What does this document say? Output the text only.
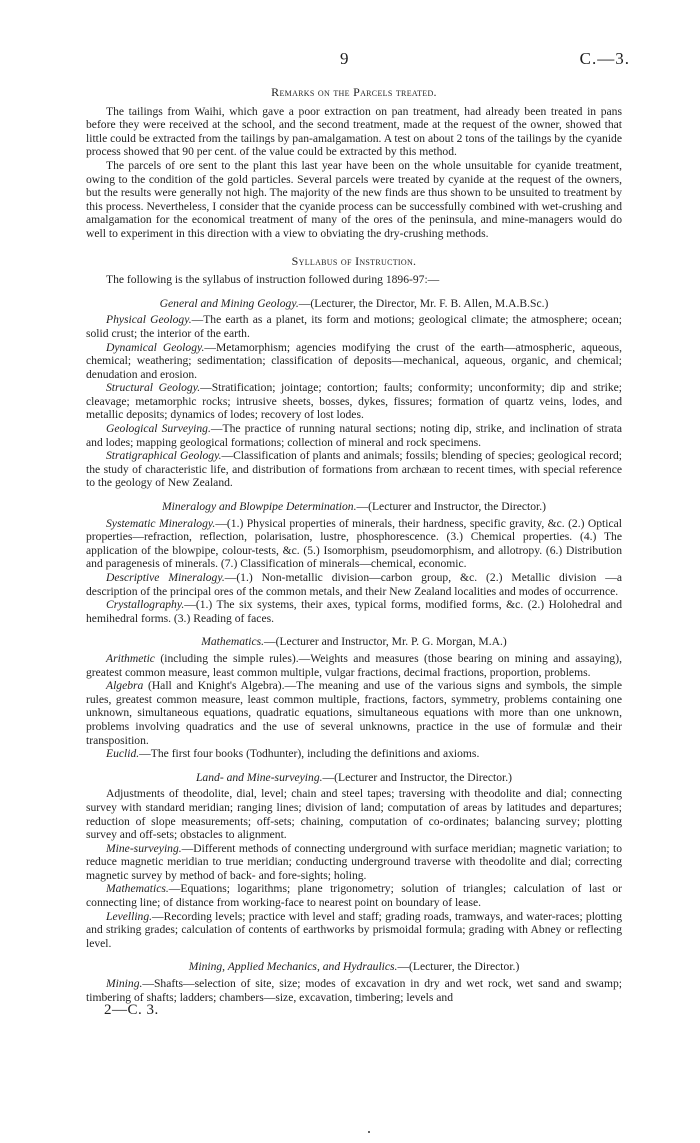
9	C.—3.
Remarks on the Parcels treated.

The tailings from Waihi, which gave a poor extraction on pan treatment, had already been treated in pans before they were received at the school, and the second treatment, made at the request of the owner, showed that little could be extracted from the tailings by pan-amalgamation. A test on about 2 tons of the tailings by the cyanide process showed that 90 per cent. of the value could be extracted by this method.

The parcels of ore sent to the plant this last year have been on the whole unsuitable for cyanide treatment, owing to the condition of the gold particles. Several parcels were treated by cyanide at the request of the owners, but the results were generally not high. The majority of the new finds are thus shown to be unsuited to treatment by this process. Nevertheless, I consider that the cyanide process can be successfully combined with wet-crushing and amalgamation for the economical treatment of many of the ores of the peninsula, and mine-managers would do well to experiment in this direction with a view to obviating the dry-crushing methods.

Syllabus of Instruction.

The following is the syllabus of instruction followed during 1896-97:—

General and Mining Geology.—(Lecturer, the Director, Mr. F. B. Allen, M.A.B.Sc.)

Physical Geology.—The earth as a planet, its form and motions; geological climate; the atmosphere; ocean; solid crust; the interior of the earth.

Dynamical Geology.—Metamorphism; agencies modifying the crust of the earth—atmospheric, aqueous, chemical; weathering; sedimentation; classification of deposits—mechanical, aqueous, organic, and chemical; denudation and erosion.

Structural Geology.—Stratification; jointage; contortion; faults; conformity; unconformity; dip and strike; cleavage; metamorphic rocks; intrusive sheets, bosses, dykes, fissures; formation of quartz veins, lodes, and metallic deposits; dynamics of lodes; recovery of lost lodes.

Geological Surveying.—The practice of running natural sections; noting dip, strike, and inclination of strata and lodes; mapping geological formations; collection of mineral and rock specimens.

Stratigraphical Geology.—Classification of plants and animals; fossils; blending of species; geological record; the study of characteristic life, and distribution of formations from archæan to recent times, with special reference to the geology of New Zealand.

Mineralogy and Blowpipe Determination.—(Lecturer and Instructor, the Director.)

Systematic Mineralogy.—(1.) Physical properties of minerals, their hardness, specific gravity, &c. (2.) Optical properties—refraction, reflection, polarisation, lustre, phosphorescence. (3.) Chemical properties. (4.) The application of the blowpipe, colour-tests, &c. (5.) Isomorphism, pseudomorphism, and allotropy. (6.) Distribution and paragenesis of minerals. (7.) Classification of minerals—chemical, economic.

Descriptive Mineralogy.—(1.) Non-metallic division—carbon group, &c. (2.) Metallic division —a description of the principal ores of the common metals, and their New Zealand localities and modes of occurrence.

Crystallography.—(1.) The six systems, their axes, typical forms, modified forms, &c. (2.) Holohedral and hemihedral forms. (3.) Reading of faces.

Mathematics.—(Lecturer and Instructor, Mr. P. G. Morgan, M.A.)

Arithmetic (including the simple rules).—Weights and measures (those bearing on mining and assaying), greatest common measure, least common multiple, vulgar fractions, decimal fractions, proportion, problems.

Algebra (Hall and Knight's Algebra).—The meaning and use of the various signs and symbols, the simple rules, greatest common measure, least common multiple, fractions, factors, symmetry, problems containing one unknown, simultaneous equations, quadratic equations, simultaneous equations with more than one unknown, problems involving quadratics and the use of several unknowns, practice in the use of formulæ and their transposition.

Euclid.—The first four books (Todhunter), including the definitions and axioms.

Land- and Mine-surveying.—(Lecturer and Instructor, the Director.)

Adjustments of theodolite, dial, level; chain and steel tapes; traversing with theodolite and dial; connecting survey with standard meridian; ranging lines; division of land; computation of areas by latitudes and departures; reduction of slope measurements; off-sets; chaining, computation of co-ordinates; balancing survey; plotting survey and off-sets; obstacles to alignment.

Mine-surveying.—Different methods of connecting underground with surface meridian; magnetic variation; to reduce magnetic meridian to true meridian; conducting underground traverse with theodolite and dial; correcting magnetic survey by method of back- and fore-sights; holing.

Mathematics.—Equations; logarithms; plane trigonometry; solution of triangles; calculation of last or connecting line; of distance from working-face to nearest point on boundary of lease.

Levelling.—Recording levels; practice with level and staff; grading roads, tramways, and water-races; plotting and striking grades; calculation of contents of earthworks by prismoidal formula; grading with Abney or reflecting level.

Mining, Applied Mechanics, and Hydraulics.—(Lecturer, the Director.)

Mining.—Shafts—selection of site, size; modes of excavation in dry and wet rock, wet sand and swamp; timbering of shafts; ladders; chambers—size, excavation, timbering; levels and

2—C. 3.
